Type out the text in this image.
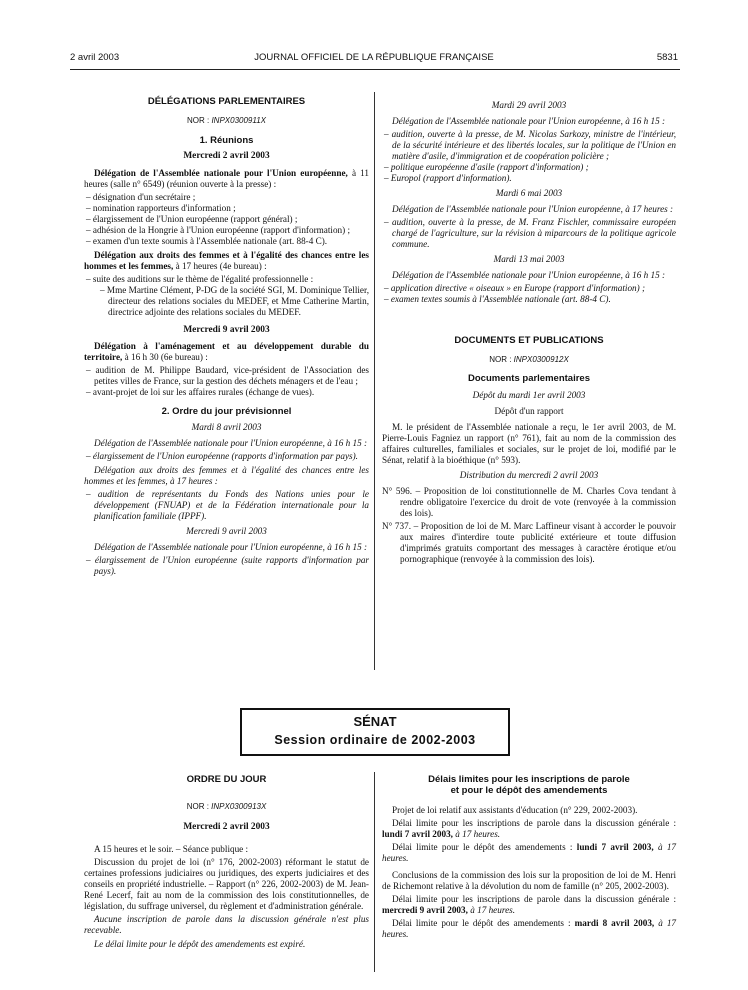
2 avril 2003	JOURNAL OFFICIEL DE LA RÉPUBLIQUE FRANÇAISE	5831
DÉLÉGATIONS PARLEMENTAIRES
NOR : INPX0300911X
1. Réunions
Mercredi 2 avril 2003

Délégation de l'Assemblée nationale pour l'Union européenne, à 11 heures (salle n° 6549) (réunion ouverte à la presse) :

– désignation d'un secrétaire ;
– nomination rapporteurs d'information ;
– élargissement de l'Union européenne (rapport général) ;
– adhésion de la Hongrie à l'Union européenne (rapport d'information) ;
– examen d'un texte soumis à l'Assemblée nationale (art. 88-4 C).

Délégation aux droits des femmes et à l'égalité des chances entre les hommes et les femmes, à 17 heures (4e bureau) :

– suite des auditions sur le thème de l'égalité professionnelle :
– Mme Martine Clément, P-DG de la société SGI, M. Dominique Tellier, directeur des relations sociales du MEDEF, et Mme Catherine Martin, directrice adjointe des relations sociales du MEDEF.
Mercredi 9 avril 2003

Délégation à l'aménagement et au développement durable du territoire, à 16 h 30 (6e bureau) :

– audition de M. Philippe Baudard, vice-président de l'Association des petites villes de France, sur la gestion des déchets ménagers et de l'eau ;
– avant-projet de loi sur les affaires rurales (échange de vues).
2. Ordre du jour prévisionnel
Mardi 8 avril 2003

Délégation de l'Assemblée nationale pour l'Union européenne, à 16 h 15 :

– élargissement de l'Union européenne (rapports d'information par pays).

Délégation aux droits des femmes et à l'égalité des chances entre les hommes et les femmes, à 17 heures :

– audition de représentants du Fonds des Nations unies pour le développement (FNUAP) et de la Fédération internationale pour la planification familiale (IPPF).
Mercredi 9 avril 2003

Délégation de l'Assemblée nationale pour l'Union européenne, à 16 h 15 :

– élargissement de l'Union européenne (suite rapports d'information par pays).
Mardi 29 avril 2003

Délégation de l'Assemblée nationale pour l'Union européenne, à 16 h 15 :

– audition, ouverte à la presse, de M. Nicolas Sarkozy, ministre de l'intérieur, de la sécurité intérieure et des libertés locales, sur la politique de l'Union en matière d'asile, d'immigration et de coopération policière ;
– politique européenne d'asile (rapport d'information) ;
– Europol (rapport d'information).
Mardi 6 mai 2003

Délégation de l'Assemblée nationale pour l'Union européenne, à 17 heures :

– audition, ouverte à la presse, de M. Franz Fischler, commissaire européen chargé de l'agriculture, sur la révision à miparcours de la politique agricole commune.
Mardi 13 mai 2003

Délégation de l'Assemblée nationale pour l'Union européenne, à 16 h 15 :

– application directive « oiseaux » en Europe (rapport d'information) ;
– examen textes soumis à l'Assemblée nationale (art. 88-4 C).
DOCUMENTS ET PUBLICATIONS
NOR : INPX0300912X
Documents parlementaires
Dépôt du mardi 1er avril 2003
Dépôt d'un rapport

M. le président de l'Assemblée nationale a reçu, le 1er avril 2003, de M. Pierre-Louis Fagniez un rapport (n° 761), fait au nom de la commission des affaires culturelles, familiales et sociales, sur le projet de loi, modifié par le Sénat, relatif à la bioéthique (n° 593).

Distribution du mercredi 2 avril 2003

N° 596. – Proposition de loi constitutionnelle de M. Charles Cova tendant à rendre obligatoire l'exercice du droit de vote (renvoyée à la commission des lois).

N° 737. – Proposition de loi de M. Marc Laffineur visant à accorder le pouvoir aux maires d'interdire toute publicité extérieure et toute diffusion d'imprimés gratuits comportant des messages à caractère érotique et/ou pornographique (renvoyée à la commission des lois).

SÉNAT
Session ordinaire de 2002-2003
ORDRE DU JOUR
NOR : INPX0300913X
Mercredi 2 avril 2003

A 15 heures et le soir. – Séance publique :

Discussion du projet de loi (n° 176, 2002-2003) réformant le statut de certaines professions judiciaires ou juridiques, des experts judiciaires et des conseils en propriété industrielle. – Rapport (n° 226, 2002-2003) de M. Jean-René Lecerf, fait au nom de la commission des lois constitutionnelles, de législation, du suffrage universel, du règlement et d'administration générale.

Aucune inscription de parole dans la discussion générale n'est plus recevable.

Le délai limite pour le dépôt des amendements est expiré.

Délais limites pour les inscriptions de parole
et pour le dépôt des amendements

Projet de loi relatif aux assistants d'éducation (n° 229, 2002-2003).

Délai limite pour les inscriptions de parole dans la discussion générale : lundi 7 avril 2003, à 17 heures.

Délai limite pour le dépôt des amendements : lundi 7 avril 2003, à 17 heures.

Conclusions de la commission des lois sur la proposition de loi de M. Henri de Richemont relative à la dévolution du nom de famille (n° 205, 2002-2003).

Délai limite pour les inscriptions de parole dans la discussion générale : mercredi 9 avril 2003, à 17 heures.

Délai limite pour le dépôt des amendements : mardi 8 avril 2003, à 17 heures.
